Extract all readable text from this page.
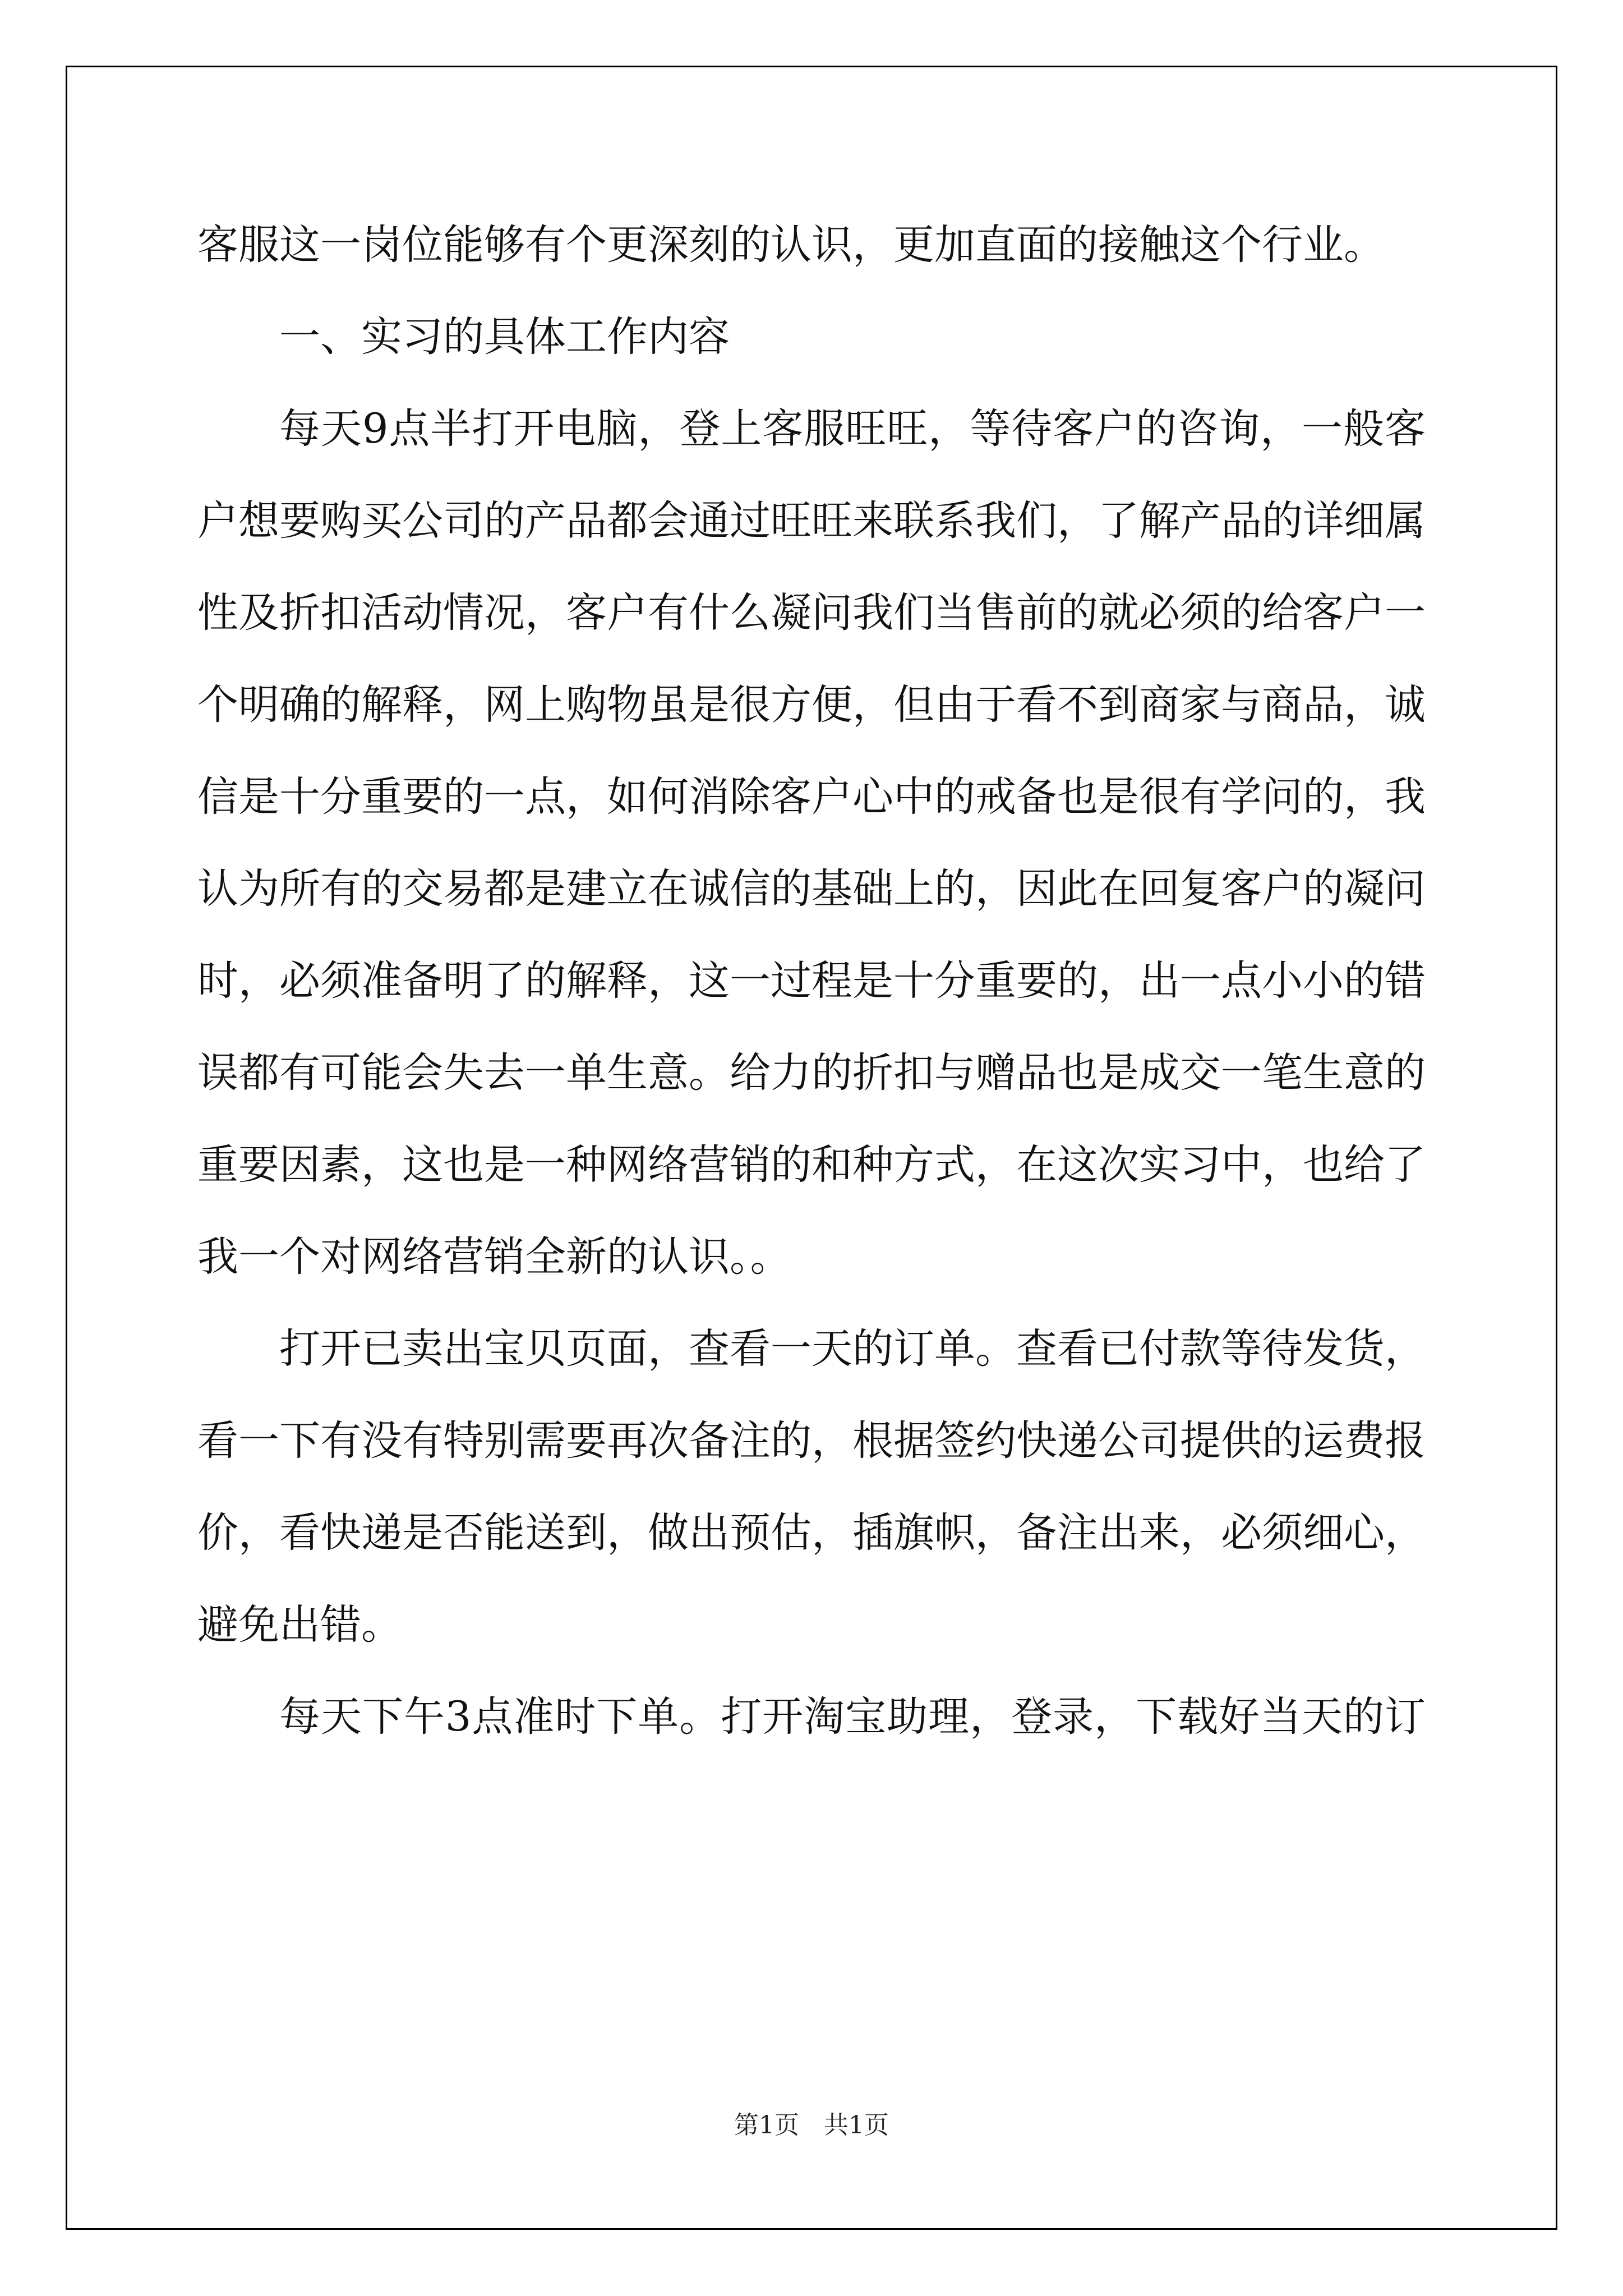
客服这一岗位能够有个更深刻的认识，更加直面的接触这个行业。
一、实习的具体工作内容
每天9点半打开电脑，登上客服旺旺，等待客户的咨询，一般客
户想要购买公司的产品都会通过旺旺来联系我们，了解产品的详细属
性及折扣活动情况，客户有什么凝问我们当售前的就必须的给客户一
个明确的解释，网上购物虽是很方便，但由于看不到商家与商品，诚
信是十分重要的一点，如何消除客户心中的戒备也是很有学问的，我
认为所有的交易都是建立在诚信的基础上的，因此在回复客户的凝问
时，必须准备明了的解释，这一过程是十分重要的，出一点小小的错
误都有可能会失去一单生意。给力的折扣与赠品也是成交一笔生意的
重要因素，这也是一种网络营销的和种方式，在这次实习中，也给了
我一个对网络营销全新的认识。。
打开已卖出宝贝页面，查看一天的订单。查看已付款等待发货，
看一下有没有特别需要再次备注的，根据签约快递公司提供的运费报
价，看快递是否能送到，做出预估，插旗帜，备注出来，必须细心，
避免出错。
每天下午3点准时下单。打开淘宝助理，登录，下载好当天的订
第1页　共1页
